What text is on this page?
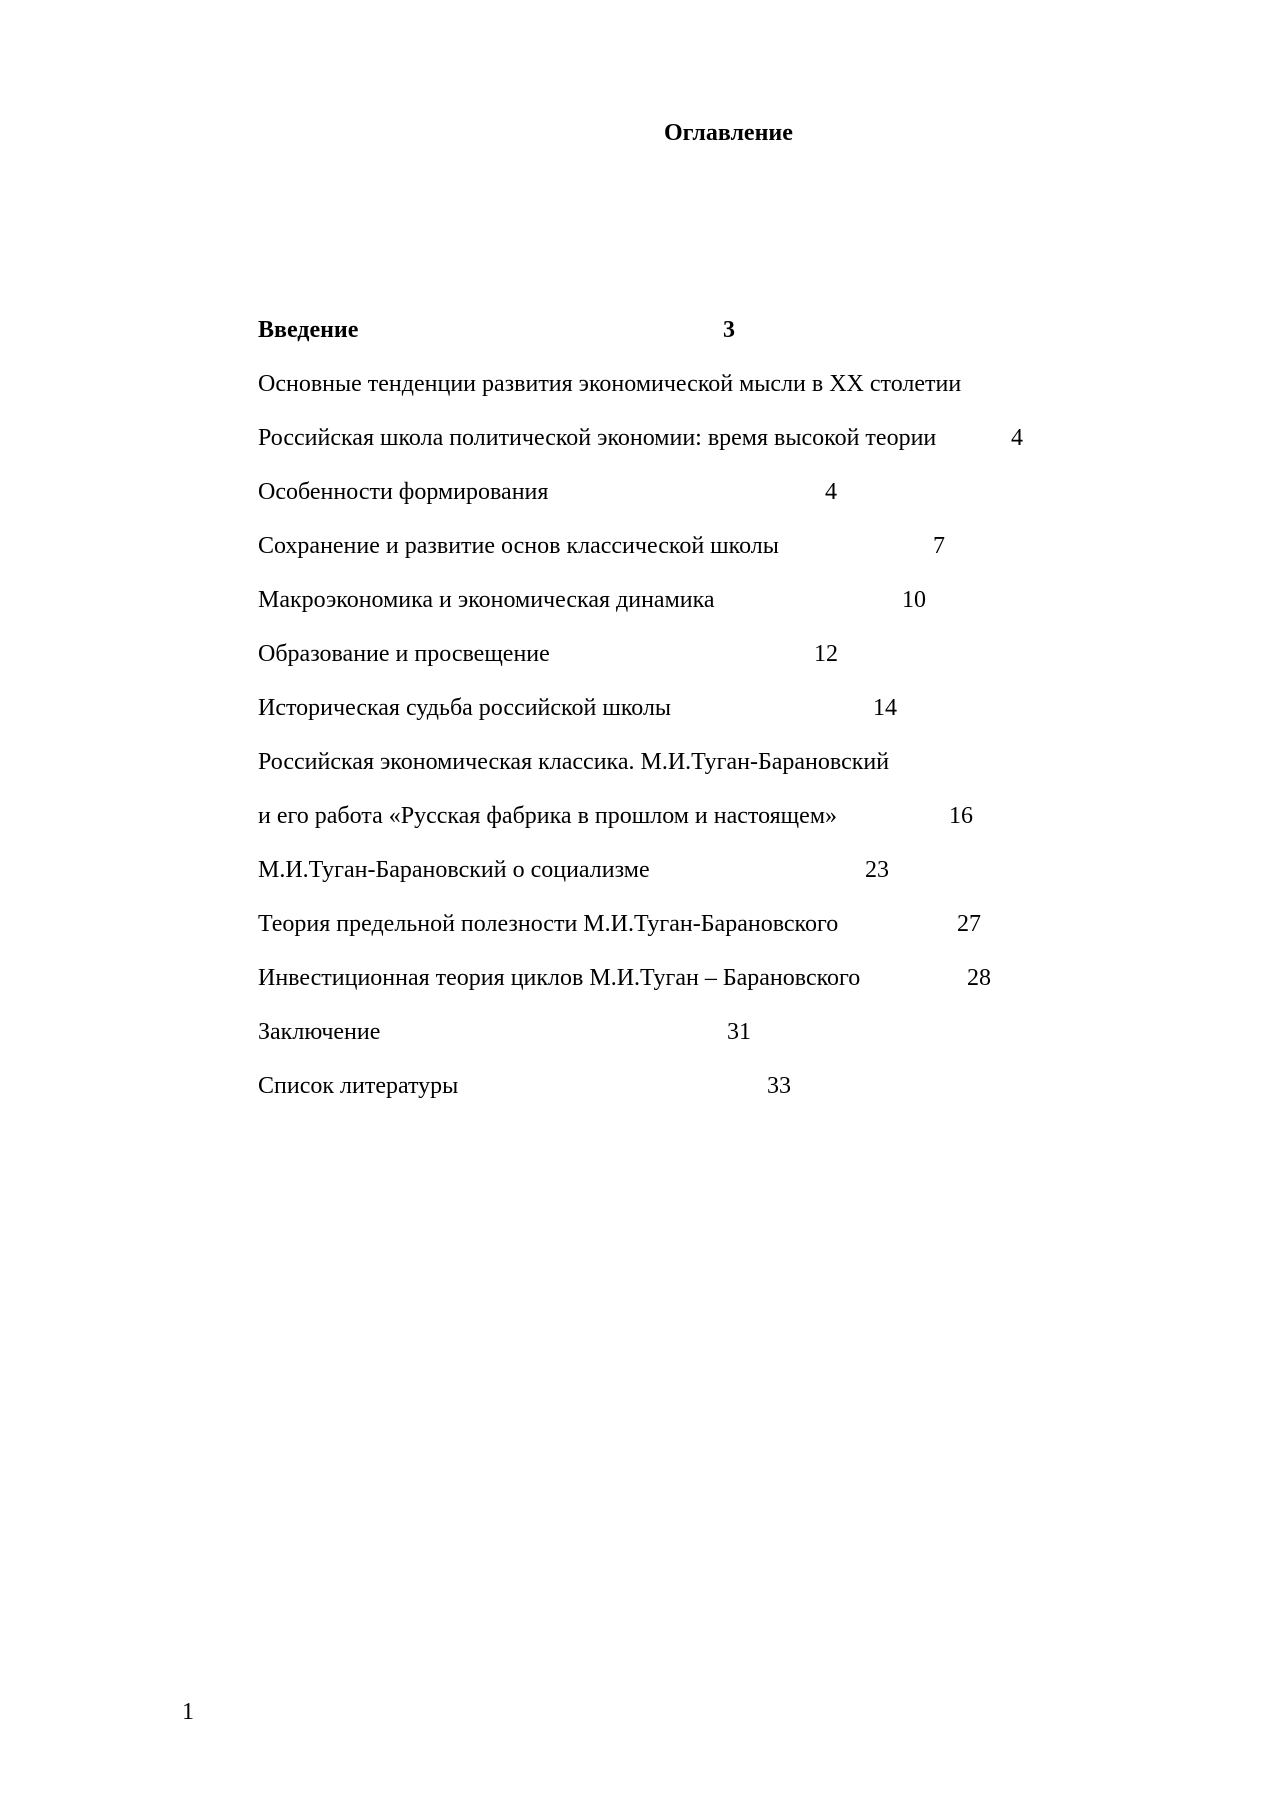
Оглавление
Введение	3
Основные тенденции развития экономической мысли в XX столетии
Российская школа политической экономии: время высокой теории	4
Особенности формирования	4
Сохранение и развитие основ классической школы	7
Макроэкономика и экономическая динамика	10
Образование и просвещение	12
Историческая судьба российской школы	14
Российская экономическая классика. М.И.Туган-Барановский
и его работа «Русская фабрика в прошлом и настоящем»	16
М.И.Туган-Барановский о социализме	23
Теория предельной полезности М.И.Туган-Барановского	27
Инвестиционная теория циклов М.И.Туган – Барановского	28
Заключение	31
Список литературы	33
1
